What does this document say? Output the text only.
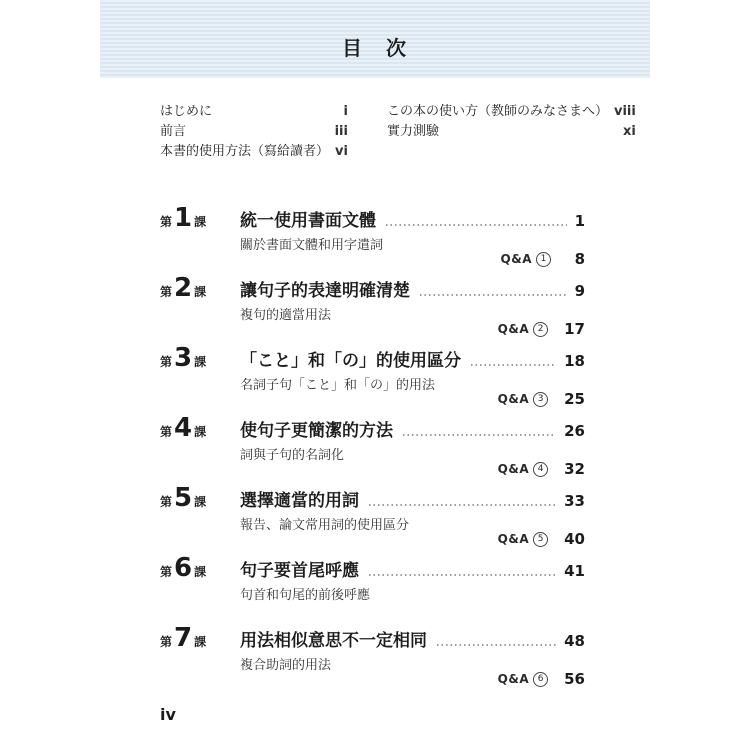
目　次
はじめに	i
前言	iii
本書的使用方法（寫給讀者） vi
この本の使い方（教師のみなさまへ） viii
實力測驗	xi
第1 課	統一使用書面文體	1
關於書面文體和用字遣詞
Q&A 1	8
第2 課	讓句子的表達明確清楚	9
複句的適當用法
Q&A 2 17
第3 課	「こと」和「の」的使用區分	18
名詞子句「こと」和「の」的用法
Q&A 3 25
第4 課	使句子更簡潔的方法	26
詞與子句的名詞化
Q&A 4 32
第5 課	選擇適當的用詞	33
報告、論文常用詞的使用區分
Q&A 5 40
第6 課	句子要首尾呼應	41
句首和句尾的前後呼應
第7 課	用法相似意思不一定相同	48
複合助詞的用法
Q&A 6 56
iv
